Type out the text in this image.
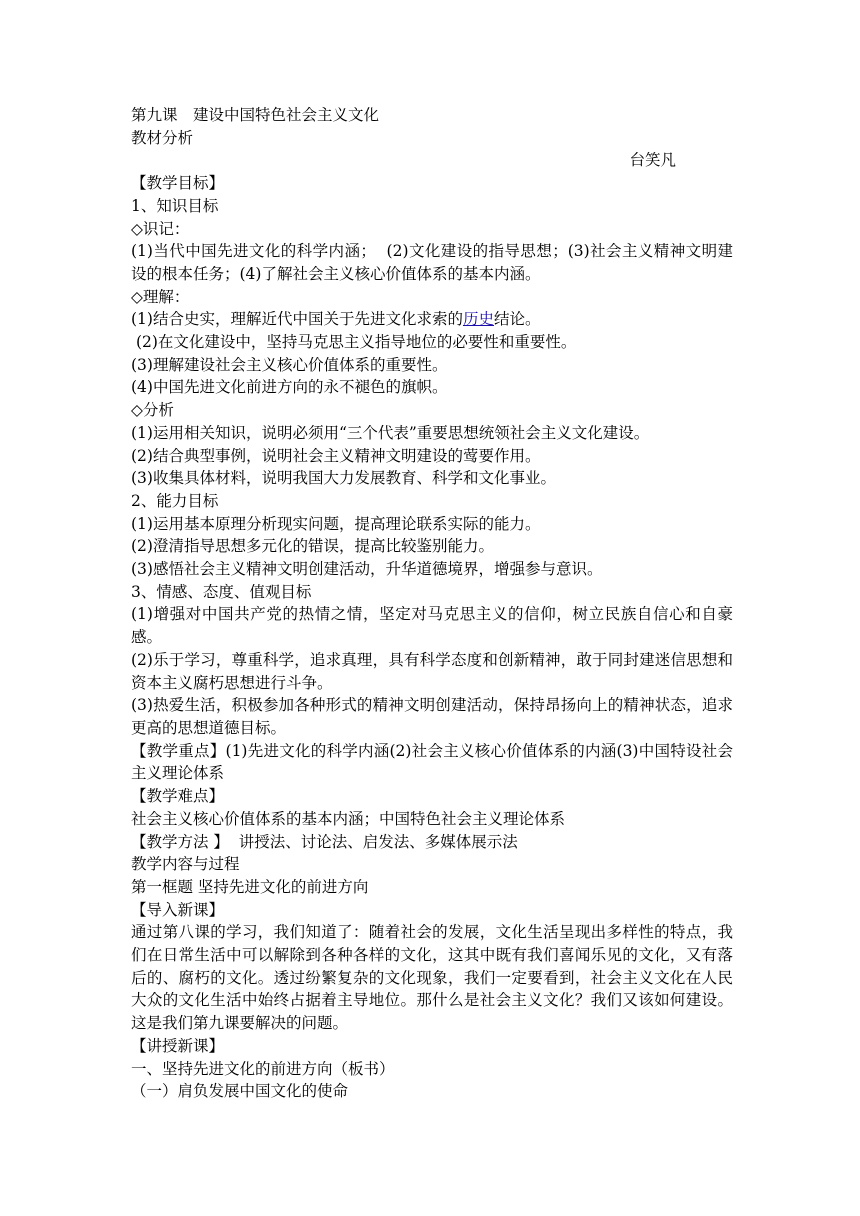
第九课　建设中国特色社会主义文化

教材分析

台笑凡

【教学目标】

1、知识目标

◇识记：

(1)当代中国先进文化的科学内涵；  (2)文化建设的指导思想；(3)社会主义精神文明建设的根本任务；(4)了解社会主义核心价值体系的基本内涵。

◇理解：

(1)结合史实，理解近代中国关于先进文化求索的历史结论。

(2)在文化建设中，坚持马克思主义指导地位的必要性和重要性。

(3)理解建设社会主义核心价值体系的重要性。

(4)中国先进文化前进方向的永不褪色的旗帜。

◇分析

(1)运用相关知识，说明必须用“三个代表”重要思想统领社会主义文化建设。

(2)结合典型事例，说明社会主义精神文明建设的莺要作用。

(3)收集具体材料，说明我国大力发展教育、科学和文化事业。

2、能力目标

(1)运用基本原理分析现实问题，提高理论联系实际的能力。

(2)澄清指导思想多元化的错误，提高比较鉴别能力。

(3)感悟社会主义精神文明创建活动，升华道德境界，增强参与意识。

3、情感、态度、值观目标

(1)增强对中国共产党的热情之情，坚定对马克思主义的信仰，树立民族自信心和自豪感。

(2)乐于学习，尊重科学，追求真理，具有科学态度和创新精神，敢于同封建迷信思想和资本主义腐朽思想进行斗争。

(3)热爱生活，积极参加各种形式的精神文明创建活动，保持昂扬向上的精神状态，追求更高的思想道德目标。

【教学重点】(1)先进文化的科学内涵(2)社会主义核心价值体系的内涵(3)中国特设社会主义理论体系

【教学难点】

社会主义核心价值体系的基本内涵；中国特色社会主义理论体系

【教学方法 】  讲授法、讨论法、启发法、多媒体展示法

教学内容与过程

第一框题 坚持先进文化的前进方向

【导入新课】

通过第八课的学习，我们知道了：随着社会的发展，文化生活呈现出多样性的特点，我们在日常生活中可以解除到各种各样的文化，这其中既有我们喜闻乐见的文化，又有落后的、腐朽的文化。透过纷繁复杂的文化现象，我们一定要看到，社会主义文化在人民大众的文化生活中始终占据着主导地位。那什么是社会主义文化？我们又该如何建设。这是我们第九课要解决的问题。

【讲授新课】

一、坚持先进文化的前进方向（板书）

（一）肩负发展中国文化的使命
